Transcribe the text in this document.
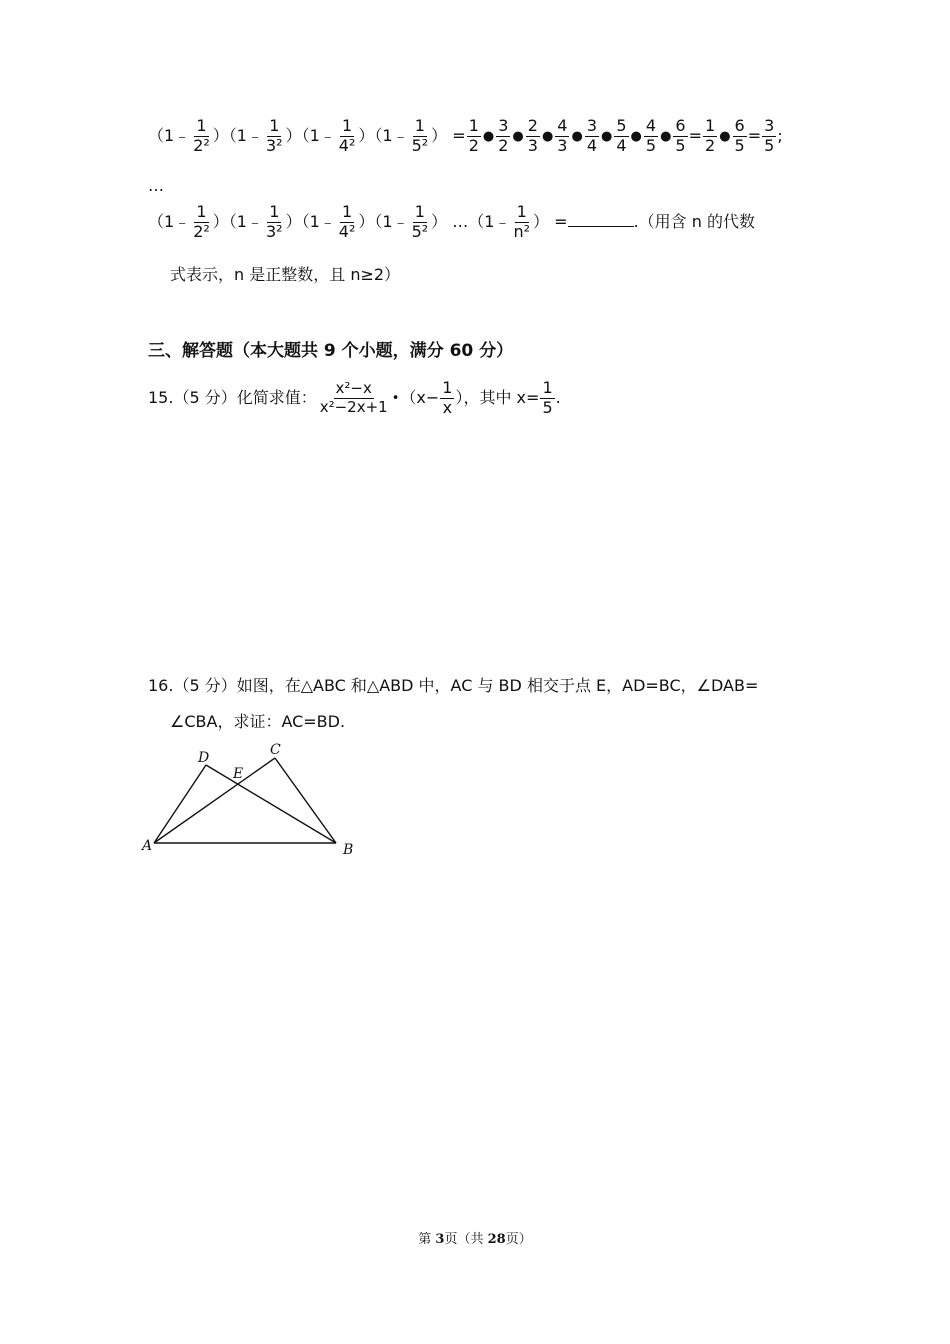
（1﹣ $\frac{1}{\text{2²}}$ ）（1﹣ $\frac{1}{\text{3²}}$ ）（1﹣ $\frac{1}{\text{4²}}$ ）（1﹣ $\frac{1}{\text{5²}}$ ） = $\frac{1}{2}$ ● $\frac{3}{2}$ ● $\frac{2}{3}$ ● $\frac{4}{3}$ ● $\frac{3}{4}$ ● $\frac{5}{4}$ ● $\frac{4}{5}$ ● $\frac{6}{5} = \frac{1}{2}$ ● $\frac{6}{5} = \frac{3}{5}$ ;
…
（1﹣ $\frac{1}{\text{2²}}$ ）（1﹣ $\frac{1}{\text{3²}}$ ）（1﹣ $\frac{1}{\text{4²}}$ ）（1﹣ $\frac{1}{\text{5²}}$ ） …（1﹣ $\frac{1}{\text{n²}}$ ） =	.（用含 n 的代数
式表示，n 是正整数，且 n≥2）
三、解答题（本大题共 9 个小题，满分 60 分）
15.（5 分）化简求值： $\frac{\text{x²−x}}{\text{x²−2x+1}}$ •（x− $\frac{1}{x}$ ），其中 $x= \frac{1}{5}$ .
16.（5 分）如图，在△ABC 和△ABD 中，AC 与 BD 相交于点 E，AD=BC，∠DAB=
∠CBA，求证：AC=BD.
A	B
C
D
E
第 3页（共 28页）
